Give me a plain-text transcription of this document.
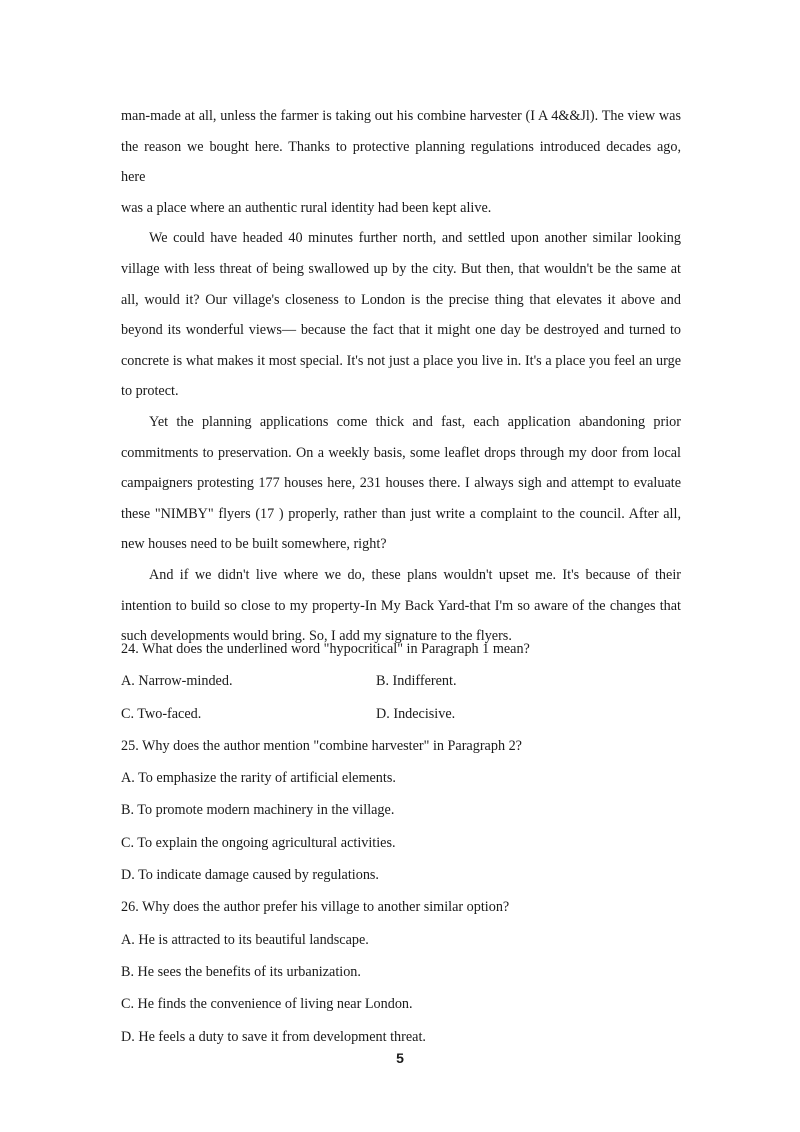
man-made at all, unless the farmer is taking out his combine harvester (I A 4&&Jl). The view was

the reason we bought here. Thanks to protective planning regulations introduced decades ago, here

was a place where an authentic rural identity had been kept alive.

We could have headed 40 minutes further north, and settled upon another similar looking

village with less threat of being swallowed up by the city. But then, that wouldn't be the same at

all, would it? Our village's closeness to London is the precise thing that elevates it above and

beyond its wonderful views— because the fact that it might one day be destroyed and turned to

concrete is what makes it most special. It's not just a place you live in. It's a place you feel an urge

to protect.

Yet the planning applications come thick and fast, each application abandoning prior

commitments to preservation. On a weekly basis, some leaflet drops through my door from local

campaigners protesting 177 houses here, 231 houses there. I always sigh and attempt to evaluate

these "NIMBY" flyers (17 ) properly, rather than just write a complaint to the council. After all,

new houses need to be built somewhere, right?

And if we didn't live where we do, these plans wouldn't upset me. It's because of their

intention to build so close to my property-In My Back Yard-that I'm so aware of the changes that

such developments would bring. So, I add my signature to the flyers.

24. What does the underlined word "hypocritical" in Paragraph 1 mean?
A. Narrow-minded.	B. Indifferent.
C. Two-faced.	D. Indecisive.
25. Why does the author mention "combine harvester" in Paragraph 2?
A. To emphasize the rarity of artificial elements.
B. To promote modern machinery in the village.
C. To explain the ongoing agricultural activities.
D. To indicate damage caused by regulations.
26. Why does the author prefer his village to another similar option?
A. He is attracted to its beautiful landscape.
B. He sees the benefits of its urbanization.
C. He finds the convenience of living near London.
D. He feels a duty to save it from development threat.
5
